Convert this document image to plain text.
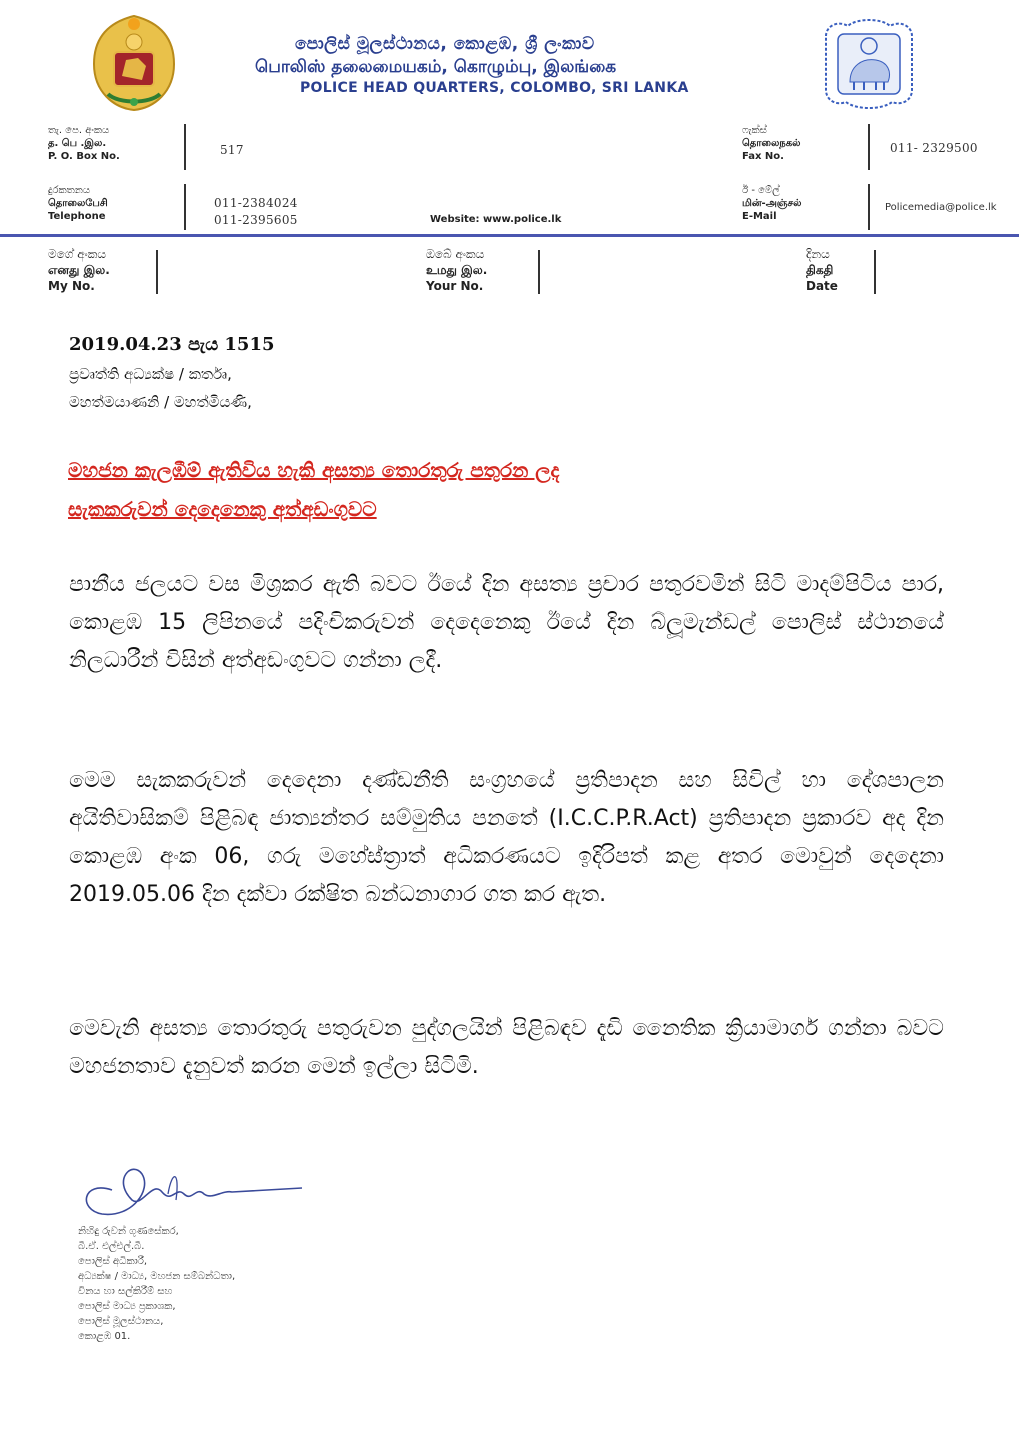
පොලිස් මූලස්ථානය, කොළඹ, ශ්‍රී ලංකාව
பொலிஸ் தலைமையகம், கொழும்பு, இலங்கை
POLICE HEAD QUARTERS, COLOMBO, SRI LANKA
තැ. පෙ. අංකය
த. பெ .இல.
P. O. Box No.	517
ෆැක්ස්
தொலைநகல்
Fax No.
011- 2329500
දුරකතනය
தொலைபேசி
Telephone
011-2384024
011-2395605	Website: www.police.lk
ඊ - මේල්
மின்-அஞ்சல்
E-Mail
Policemedia@police.lk
මගේ අංකය
எனது இல.
My No.
ඔබේ අංකය
உமது இல.
Your No.
දිනය
திகதி
Date
2019.04.23 පැය 1515
ප්‍රවෘත්ති අධ්‍යක්ෂ / කර්තෘ,
මහත්මයාණනි / මහත්මියණි,
මහජන කැලඹීම් ඇතිවිය හැකි අසත්‍ය තොරතුරු පතුරන ලද
සැකකරුවන් දෙදෙනෙකු අත්අඩංගුවට
පානීය ජලයට වස මිශ්‍රකර ඇති බවට ඊයේ දින අසත්‍ය ප්‍රචාර පතුරවමින් සිටි මාදම්පිටිය පාර, කොළඹ 15 ලිපිනයේ පදිංචිකරුවන් දෙදෙනෙකු ඊයේ දින බ්ලූමැන්ඩල් පොලිස් ස්ථානයේ නිලධාරීන් විසින් අත්අඩංගුවට ගන්නා ලදී.
මෙම සැකකරුවන් දෙදෙනා දණ්ඩනීති සංග්‍රහයේ ප්‍රතිපාදන සහ සිවිල් හා දේශපාලන අයිතිවාසිකම් පිළිබඳ ජාත්‍යන්තර සම්මුතිය පනතේ (I.C.C.P.R.Act) ප්‍රතිපාදන ප්‍රකාරව අද දින කොළඹ අංක 06, ගරු මහේස්ත්‍රාත් අධිකරණයට ඉදිරිපත් කළ අතර මොවුන් දෙදෙනා 2019.05.06 දින දක්වා රක්ෂිත බන්ධනාගාර ගත කර ඇත.
මෙවැනි අසත්‍ය තොරතුරු පතුරුවන පුද්ගලයින් පිළිබඳව දැඩි නෛතික ක්‍රියාමාර්ග ගන්නා බවට මහජනතාව දැනුවත් කරන මෙන් ඉල්ලා සිටිමි.
නිහිඳු රුවන් ගුණසේකර,
බී.ඒ. එල්එල්.බී.
පොලිස් අධිකාරී,
අධ්‍යක්ෂ / මාධ්‍ය, මහජන සම්බන්ධතා,
විනය හා සල්කිරීම් සහ
පොලිස් මාධ්‍ය ප්‍රකාශක,
පොලිස් මූලස්ථානය,
කොළඹ 01.
